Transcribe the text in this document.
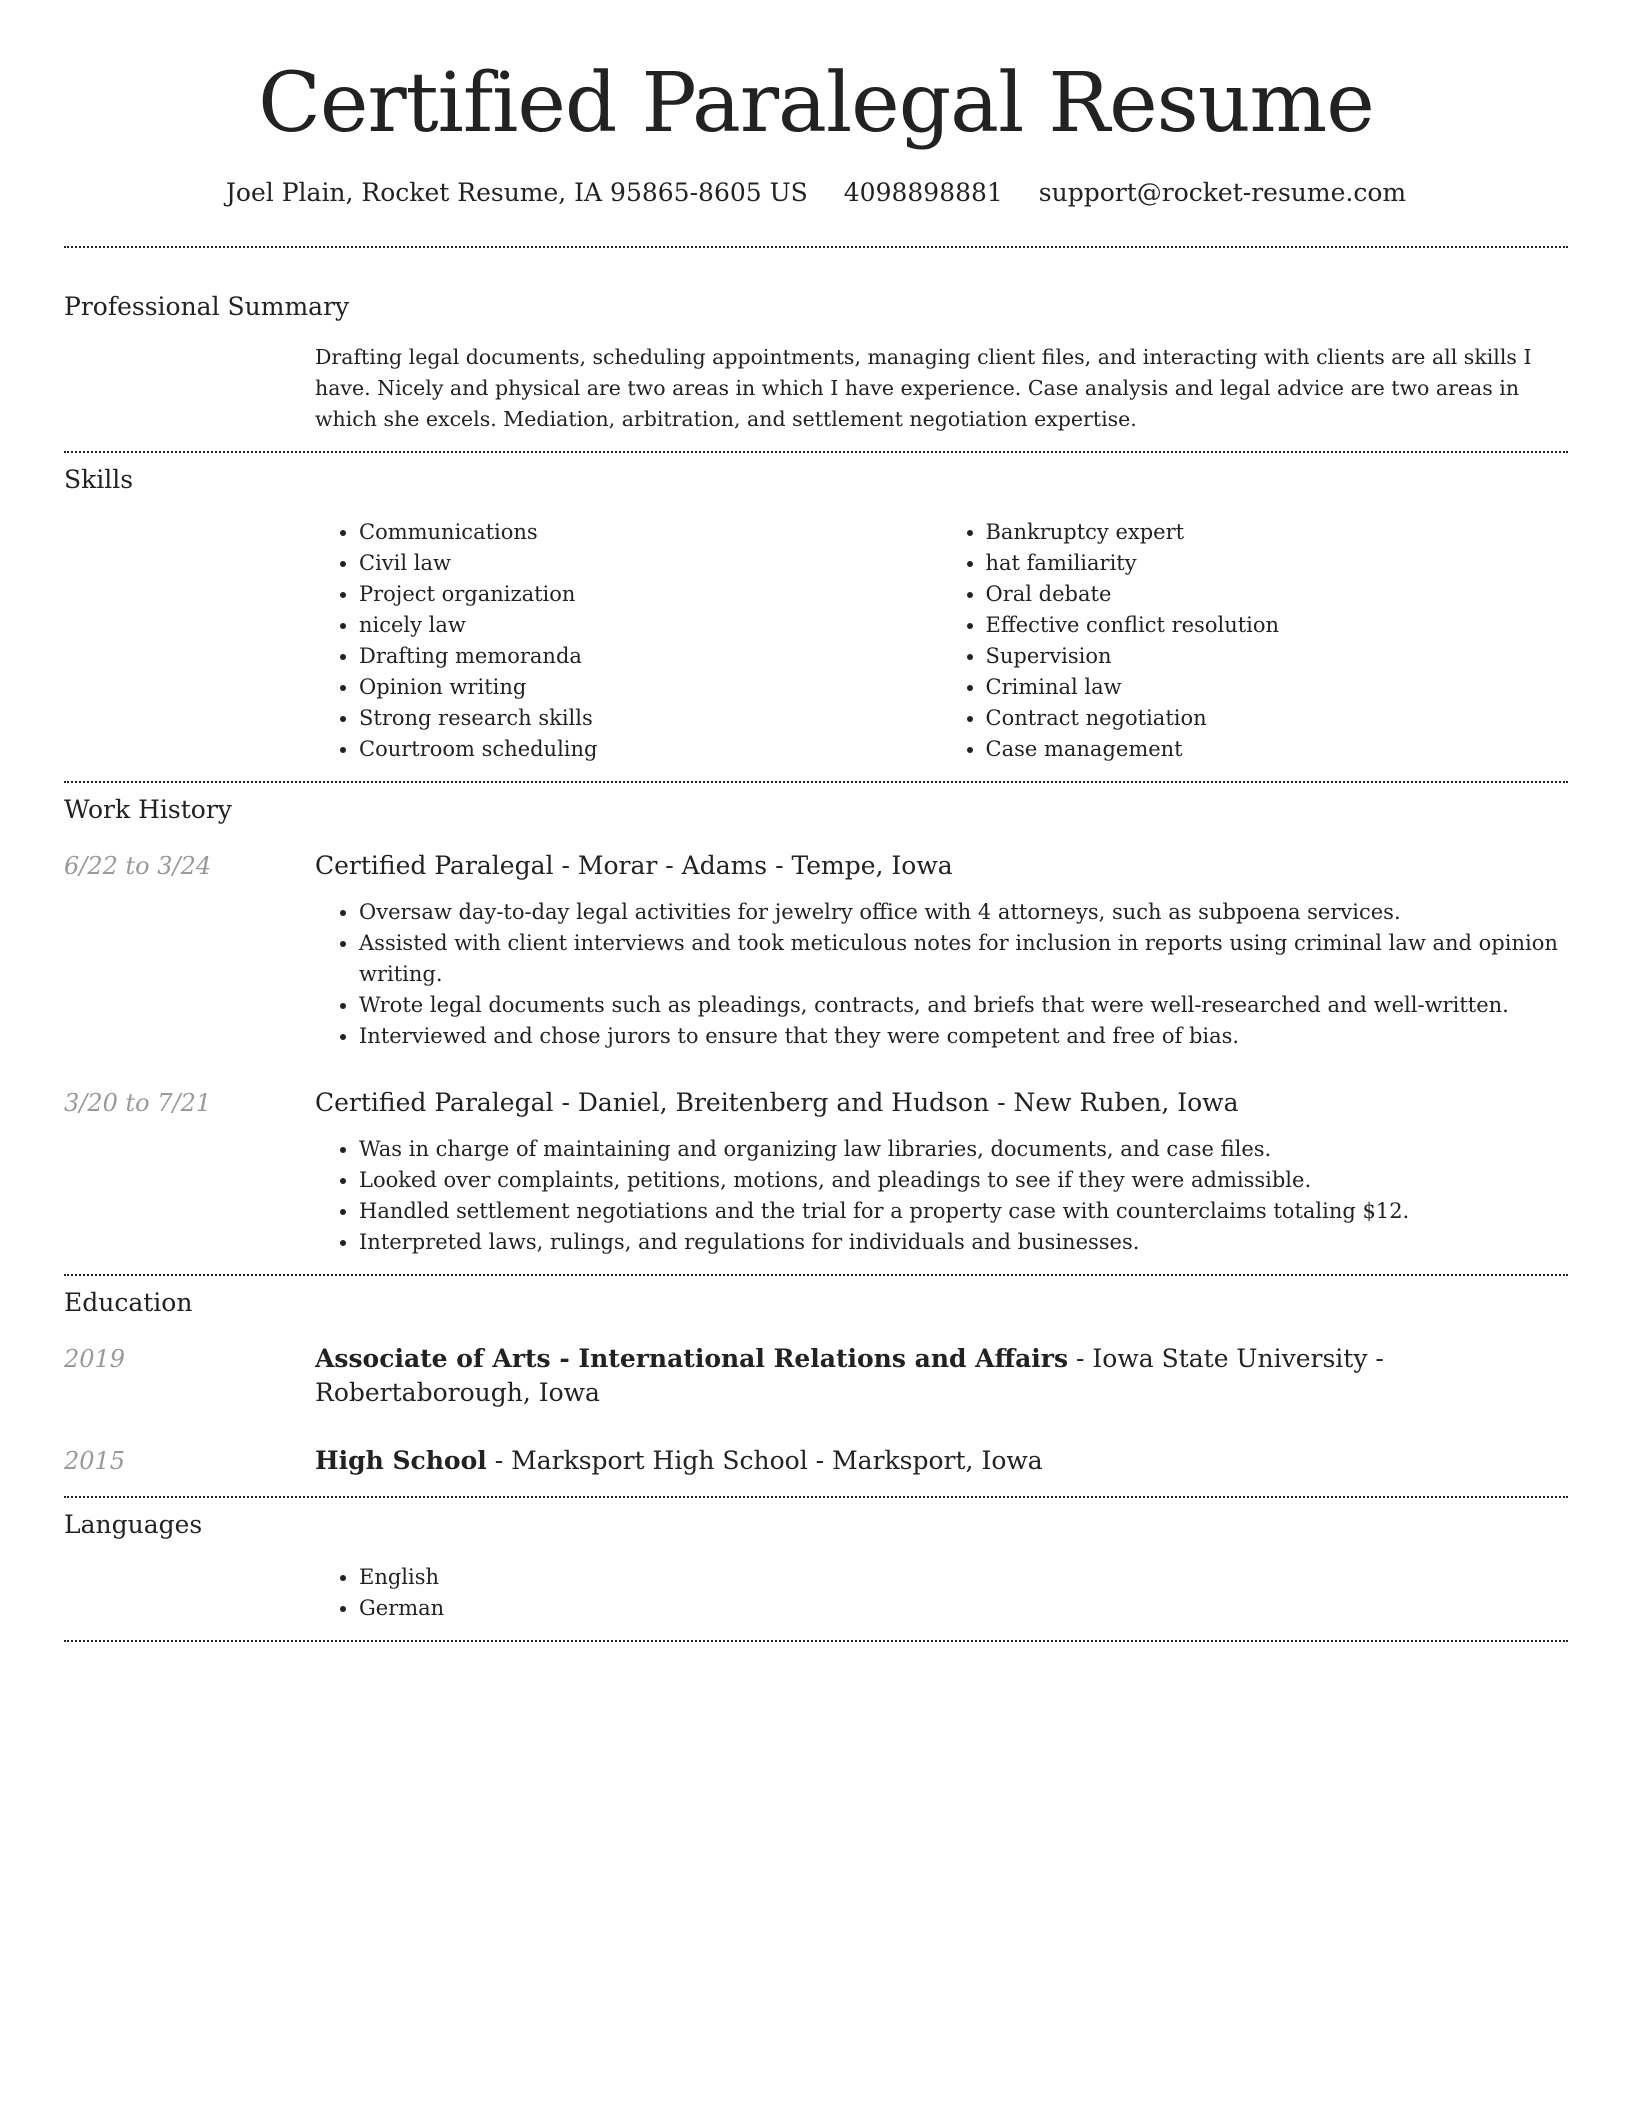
Certified Paralegal Resume
Joel Plain, Rocket Resume, IA 95865-8605 US 4098898881 support@rocket-resume.com
Professional Summary

Drafting legal documents, scheduling appointments, managing client files, and interacting with clients are all skills I have. Nicely and physical are two areas in which I have experience. Case analysis and legal advice are two areas in which she excels. Mediation, arbitration, and settlement negotiation expertise.

Skills
• Communications
• Civil law
• Project organization
• nicely law
• Drafting memoranda
• Opinion writing
• Strong research skills
• Courtroom scheduling
• Bankruptcy expert
• hat familiarity
• Oral debate
• Effective conflict resolution
• Supervision
• Criminal law
• Contract negotiation
• Case management
Work History
6/22 to 3/24	Certified Paralegal - Morar - Adams - Tempe, Iowa

• Oversaw day-to-day legal activities for jewelry office with 4 attorneys, such as subpoena services.
• Assisted with client interviews and took meticulous notes for inclusion in reports using criminal law and opinion writing.
• Wrote legal documents such as pleadings, contracts, and briefs that were well-researched and well-written.
• Interviewed and chose jurors to ensure that they were competent and free of bias.
3/20 to 7/21	Certified Paralegal - Daniel, Breitenberg and Hudson - New Ruben, Iowa

• Was in charge of maintaining and organizing law libraries, documents, and case files.
• Looked over complaints, petitions, motions, and pleadings to see if they were admissible.
• Handled settlement negotiations and the trial for a property case with counterclaims totaling $12.
• Interpreted laws, rulings, and regulations for individuals and businesses.
Education
2019	Associate of Arts - International Relations and Affairs - Iowa State University - Robertaborough, Iowa

2015	High School - Marksport High School - Marksport, Iowa

Languages
• English
• German
